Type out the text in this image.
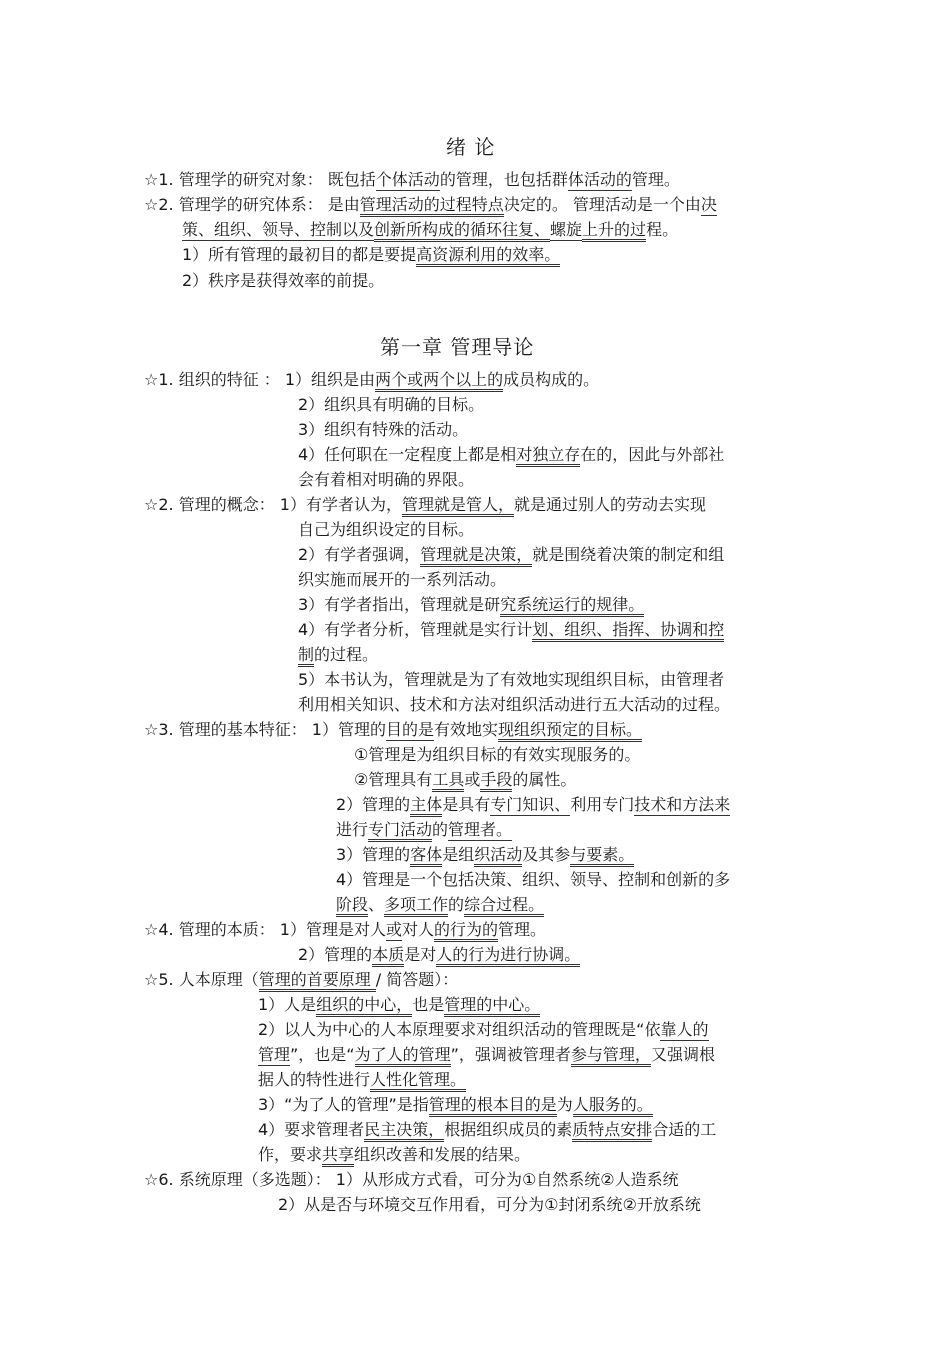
绪 论
☆1. 管理学的研究对象： 既包括个体活动的管理，也包括群体活动的管理。
☆2. 管理学的研究体系： 是由管理活动的过程特点决定的。 管理活动是一个由决
策、组织、领导、控制以及创新所构成的循环往复、螺旋上升的过程。
1）所有管理的最初目的都是要提高资源利用的效率。
2）秩序是获得效率的前提。
第一章 管理导论
☆1. 组织的特征 ： 1）组织是由两个或两个以上的成员构成的。
2）组织具有明确的目标。
3）组织有特殊的活动。
4）任何职在一定程度上都是相对独立存在的，因此与外部社
会有着相对明确的界限。
☆2. 管理的概念： 1）有学者认为，管理就是管人，就是通过别人的劳动去实现
自己为组织设定的目标。
2）有学者强调，管理就是决策，就是围绕着决策的制定和组
织实施而展开的一系列活动。
3）有学者指出，管理就是研究系统运行的规律。
4）有学者分析，管理就是实行计划、组织、指挥、协调和控
制的过程。
5）本书认为，管理就是为了有效地实现组织目标，由管理者
利用相关知识、技术和方法对组织活动进行五大活动的过程。
☆3. 管理的基本特征： 1）管理的目的是有效地实现组织预定的目标。
①管理是为组织目标的有效实现服务的。
②管理具有工具或手段的属性。
2）管理的主体是具有专门知识、利用专门技术和方法来
进行专门活动的管理者。
3）管理的客体是组织活动及其参与要素。
4）管理是一个包括决策、组织、领导、控制和创新的多
阶段、多项工作的综合过程。
☆4. 管理的本质： 1）管理是对人或对人的行为的管理。
2）管理的本质是对人的行为进行协调。
☆5. 人本原理（管理的首要原理 / 简答题）：
1）人是组织的中心，也是管理的中心。
2）以人为中心的人本原理要求对组织活动的管理既是“依靠人的
管理”，也是“为了人的管理”，强调被管理者参与管理，又强调根
据人的特性进行人性化管理。
3）“为了人的管理”是指管理的根本目的是为人服务的。
4）要求管理者民主决策，根据组织成员的素质特点安排合适的工
作，要求共享组织改善和发展的结果。
☆6. 系统原理（多选题）： 1）从形成方式看，可分为①自然系统②人造系统
2）从是否与环境交互作用看，可分为①封闭系统②开放系统
